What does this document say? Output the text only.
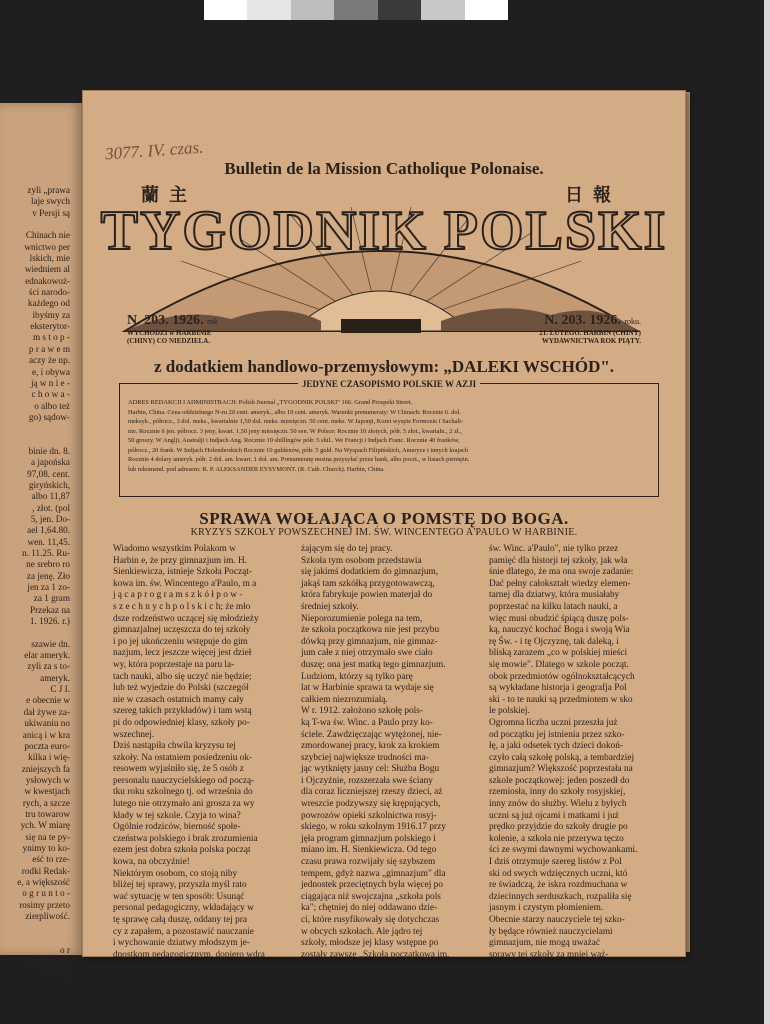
zyli „prawa
laje swych
v Persji są

Chinach nie
wnictwo per
lskich, mie
wiedniem al
ednakowoż-
ści narodo-
każdego od
ibyśmy za
eksterytor-
m s t o p -
p r a w e m
aczy że np.
e, i obywa
ją w n i e -
c h o w a -
o albo też
go) sądow-

binie dn. 8.
a japońska
97,08. cent.
giryńskich,
albo 11,87
, złot. (pol
5, jen. Do-
ael 1,64.80.
wen. 11,45.
n. 11.25. Ru-
ne srebro ro
za jenę. Zło
jen za 1 zo-
za 1 gram
Przekaz na
1. 1926. r.)

szawie dn.
elar ameryk.
zyli za s to-
ameryk.
C J I.
e obecnie w
dał żywe za-
ukiwaniu no
anicą i w kra
poczta euro-
kilka i wię-
zniejszych fa
ysłowych w
w kwestjach
rych, a szcze
tru towarow
ych. W miarę
się na te py-
ynimy to ko-
eść to rze-
rodki Redak-
e, a większość
o g r u n t o -
rosimy przeto
zierpliwość.

o r
rochowski.
INNY)
3077. IV. czas.
Bulletin de la Mission Catholique Polonaise.
蘭主	日報
TYGODNIK POLSKI
N. 203. 1926. rok
WYCHODZI w HARBINIE
(CHINY) CO NIEDZIELA.
N. 203. 1926. roku.
21. LUTEGO. HARBIN (CHINY)
WYDAWNICTWA ROK PIĄTY.
z dodatkiem handlowo-przemysłowym: „DALEKI WSCHÓD".
JEDYNE CZASOPISMO POLSKIE W AZJI
ADRES REDAKCJI I ADMINISTRACJI: Polish Journal „TYGODNIK POLSKI" 166. Grand Prospekt Street.
Harbin, China. Cena oddzielnego N-ru 20 cent. ameryk., albo 10 cent. ameryk. Warunki prenumeraty: W Chinach: Rocznie 6. dol.
meksyk., półrocz., 3 dol. meks., kwartalnie 1,50 dol. meks. miesięczn. 50 cent. meks. W Japonji, Korei wyspie Formozie i Sachali-
nie. Rocznie 6 jen. półrocz. 3 jeny, kwart. 1,50 jeny miesięczn. 50 sen. W Polsce: Rocznie 10 złotych, półr. 5 złot., kwartaln., 2 zł.,
50 groszy. W Anglji, Australji i Indjach Ang. Rocznie 10 shillingów półr. 5 shil.. We Francji i Indjach Franc. Rocznie 40 franków,
półrocz., 20 frank. W Indjach Holenderskich Rocznie 10 guldenów, półr. 5 guld. Na Wyspach Filipińskich, Ameryce i innych krajach
Rocznie 4 dolary ameryk. półr. 2 dol. am. kwart. 1 dol. am. Prenumeratę można przysyłać przez bank, albo poczt., w listach pieniężn.
lub rekomend. pod adresem: R. P. ALEKSANDER EYSYMONT. (R. Cath. Church). Harbin, China.
SPRAWA WOŁAJĄCA O POMSTĘ DO BOGA.
KRYZYS SZKOŁY POWSZECHNEJ IM. ŚW. WINCENTEGO A'PAULO W HARBINIE.
Wiadomo wszystkim Polakom w
Harbin e, że przy gimnazjum im. H.
Sienkiewicza, istnieje Szkoła Począt-
kowa im. św. Wincentego a'Paulo, m a
j ą c a p r o g r a m s z k ó ł p o w -
s z e c h n y c h p o l s k i c h; że mło
dsze rodzeństwo uczącej się młodzieży
gimnazjalnej uczęszcza do tej szkoły
i po jej ukończeniu wstępuje do gim
nazjum, lecz jeszcze więcej jest dzieł
wy, która poprzestaje na paru la-
tach nauki, albo się uczyć nie będzie;
lub też wyjedzie do Polski (szczegół
nie w czasach ostatnich mamy cały
szereg takich przykładów) i tam wstą
pi do odpowiedniej klasy, szkoły po-
wszechnej.
Dziś nastąpiła chwila kryzysu tej
szkoły. Na ostatniem posiedzeniu ok-
resowem wyjaśniło się, że 5 osób z
personalu nauczycielskiego od począ-
tku roku szkolnego tj. od września do
lutego nie otrzymało ani grosza za wy
kłady w tej szkole. Czyja to wina?
Ogólnie rodziców, bierność społe-
czeństwa polskiego i brak zrozumienia
ezem jest dobra szkoła polska począt
kowa, na obczyźnie!
Niektórym osobom, co stoją niby
bliżej tej sprawy, przyszła myśl rato
wać sytuację w ten sposób: Usunąć
personal pedagogiczny, wkładający w
tę sprawę całą duszę, oddany tej pra
cy z zapałem, a pozostawić nauczanie
i wychowanie dziatwy młodszym je-
dnostkom pedagogicznym, dopiero wdra
żającym się do tej pracy.
Szkoła tym osobom przedstawia
się jakimś dodatkiem do gimnazjum,
jakąś tam szkółką przygotowawczą,
która fabrykuje powien materjał do
średniej szkoły.
Nieporozumienie polega na tem,
że szkoła początkowa nie jest przybu
dówką przy gimnazjum, nie gimnaz-
jum całe z niej otrzymało swe ciało
duszę; ona jest matką tego gimnazjum.
Ludziom, którzy są tylko parę
lat w Harbinie sprawa ta wydaje się
całkiem niezrozumiałą.
W r. 1912. założono szkołę pols-
ką T-wa św. Winc. a Paulo przy ko-
ściele. Zawdzięczając wytężonej, nie-
zmordowanej pracy, krok za krokiem
szybciej największe trudności ma-
jąc wytknięty jasny cel: Służba Bogu
i Ojczyźnie, rozszerzała swe ściany
dla coraz liczniejszej rzeszy dzieci, aż
wreszcie podzywszy się krępujących,
powrozów opieki szkolnictwa rosyj-
skiego, w roku szkolnym 1916.17 przy
jęła program gimnazjum polskiego i
miano im. H. Sienkiewicza. Od tego
czasu prawa rozwijały się szybszem
tempem, gdyż nazwa „gimnazjum" dla
jednostek przeciętnych była więcej po
ciągająca niż swojczajna „szkoła pols
ka"; chętniej do niej oddawano dzie-
ci, które rusyfikowały się dotychczas
w obcych szkołach. Ale jądro tej
szkoły, młodsze jej klasy wstępne po
zostały zawsze „Szkołą początkową im.
św. Winc. a'Paulo", nie tylko przez
pamięć dla historji tej szkoły, jak wła
śnie dlatego, że ma ona swoje zadanie:
Dać pełny całokształt wiedzy elemen-
tarnej dla dziatwy, która musiałaby
poprzestać na kilku latach nauki, a
więc musi obudzić śpiącą duszę pols-
ką, nauczyć kochać Boga i swoją Wia
rę Św. - i tę Ojczyznę, tak daleką, i
bliską zarazem „co w polskiej mieści
się mowie". Dlatego w szkole począt.
obok przedmiotów ogólnokształcących
są wykładane historja i geografja Pol
ski - to te nauki są przedmiotem w sko
le polskiej.
Ogromna liczba uczni przeszła już
od początku jej istnienia przez szko-
łę, a jaki odsetek tych dzieci dokoń-
czyło całą szkołę polską, a tembardziej
gimnazjum? Większość poprzestała na
szkole początkowej: jeden poszedł do
rzemiosła, inny do szkoły rosyjskiej,
inny znów do służby. Wielu z byłych
uczni są już ojcami i matkami i już
prędko przyjdzie do szkoły drugie po
kolenie, a szkoła nie przerywa tęczo
ści ze swymi dawnymi wychowankami.
I dziś otrzymuje szereg listów z Pol
ski od swych wdzięcznych uczni, któ
re świadczą, że iskra rozdmuchana w
dziecinnych serduszkach, rozpaliła się
jasnym i czystym płomieniem.
Obecnie starzy nauczyciele tej szko-
ły będące również nauczycielami
gimnazjum, nie mogą uważać
sprawy tej szkoły za mniej waż-
